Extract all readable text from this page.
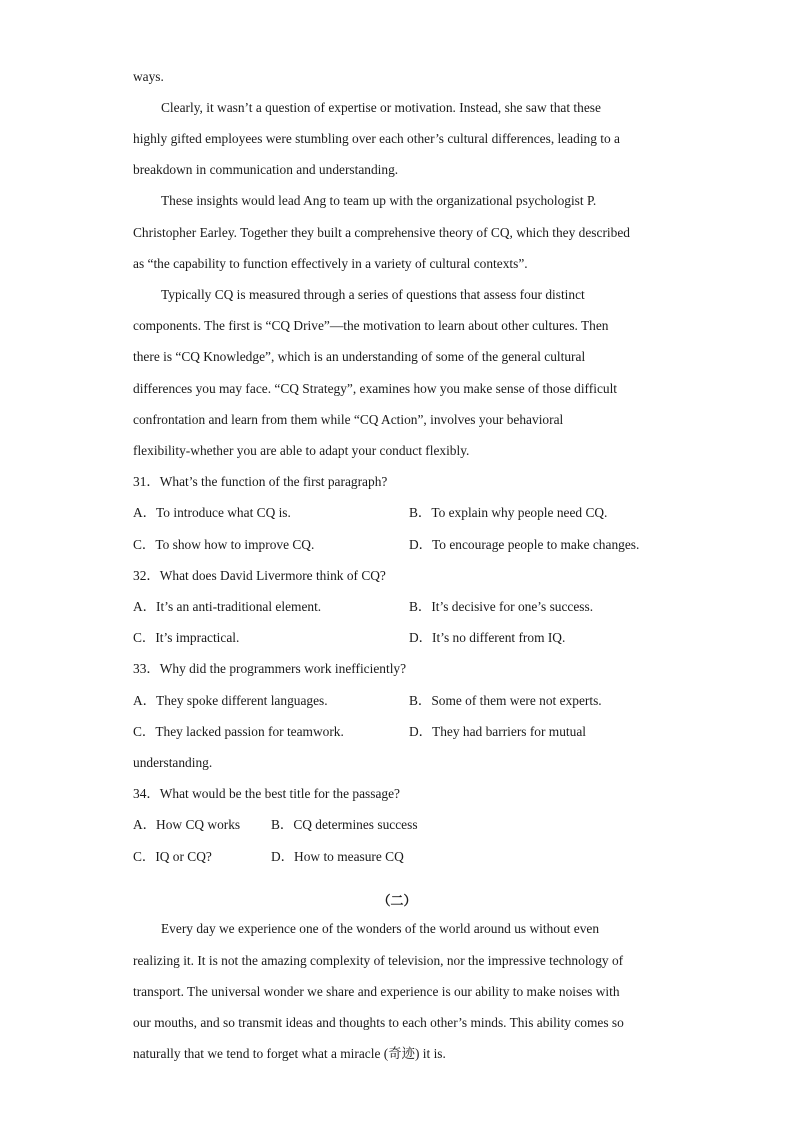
ways.
Clearly, it wasn’t a question of expertise or motivation. Instead, she saw that these
highly gifted employees were stumbling over each other’s cultural differences, leading to a
breakdown in communication and understanding.
These insights would lead Ang to team up with the organizational psychologist P.
Christopher Earley. Together they built a comprehensive theory of CQ, which they described
as “the capability to function effectively in a variety of cultural contexts”.
Typically CQ is measured through a series of questions that assess four distinct
components. The first is “CQ Drive”—the motivation to learn about other cultures. Then
there is “CQ Knowledge”, which is an understanding of some of the general cultural
differences you may face. “CQ Strategy”, examines how you make sense of those difficult
confrontation and learn from them while “CQ Action”, involves your behavioral
flexibility-whether you are able to adapt your conduct flexibly.
31．What’s the function of the first paragraph?
A．To introduce what CQ is.	B．To explain why people need CQ.
C．To show how to improve CQ.	D．To encourage people to make changes.
32．What does David Livermore think of CQ?
A．It’s an anti-traditional element.	B．It’s decisive for one’s success.
C．It’s impractical.	D．It’s no different from IQ.
33．Why did the programmers work inefficiently?
A．They spoke different languages.	B．Some of them were not experts.
C．They lacked passion for teamwork.	D．They had barriers for mutual
understanding.
34．What would be the best title for the passage?
A．How CQ works B．CQ determines success
C．IQ or CQ?	D．How to measure CQ
（二）
Every day we experience one of the wonders of the world around us without even
realizing it. It is not the amazing complexity of television, nor the impressive technology of
transport. The universal wonder we share and experience is our ability to make noises with
our mouths, and so transmit ideas and thoughts to each other’s minds. This ability comes so
naturally that we tend to forget what a miracle (奇迹) it is.
